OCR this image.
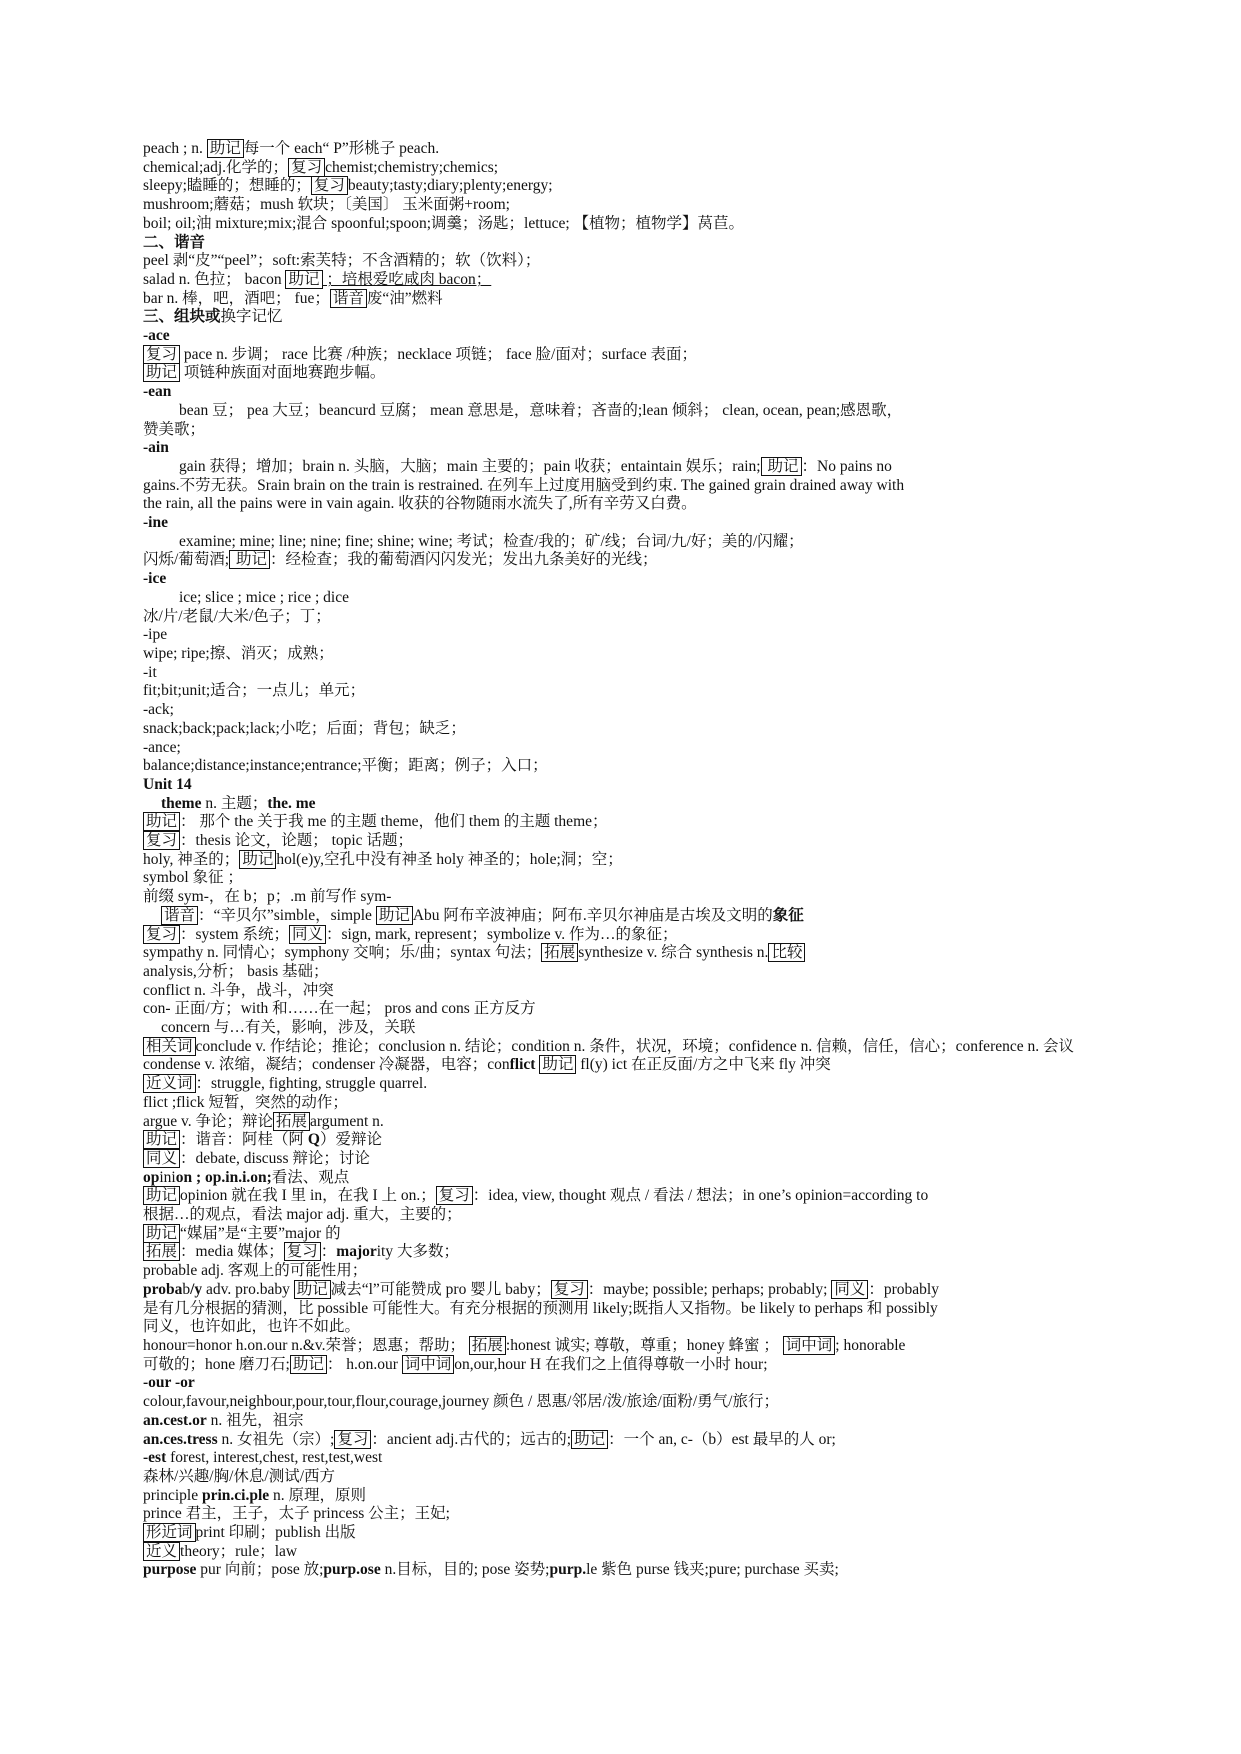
peach ; n. 助记 每一个 each“ P”形桃子 peach.
chemical;adj.化学的； 复习 chemist;chemistry;chemics;
sleepy;瞌睡的；想睡的； 复习 beauty;tasty;diary;plenty;energy;
mushroom;蘑菇；mush 软块；〔美国〕 玉米面粥+room;
boil; oil;油 mixture;mix;混合 spoonful;spoon;调羹；汤匙；lettuce; 【植物；植物学】莴苣。
二、谐音
peel 剥“皮”“peel”；soft:索芙特；不含酒精的；软（饮料）；
salad n. 色拉； bacon 助记 ；培根爱吃咸肉 bacon；
bar n. 棒，吧，酒吧； fue； 谐音 废“油”燃料
三、组块或换字记忆
-ace
复习 pace n. 步调； race 比赛 /种族；necklace 项链； face 脸/面对；surface 表面；
助记 项链种族面对面地赛跑步幅。
-ean
bean 豆； pea 大豆；beancurd 豆腐； mean 意思是，意味着；吝啬的;lean 倾斜； clean, ocean, pean;感恩歌，
赞美歌；
-ain
gain 获得；增加；brain n. 头脑，大脑；main 主要的；pain 收获；entaintain 娱乐；rain; 助记 ：No pains no
gains.不劳无获。Srain brain on the train is restrained. 在列车上过度用脑受到约束. The gained grain drained away with
the rain, all the pains were in vain again. 收获的谷物随雨水流失了,所有辛劳又白费。
-ine
examine; mine; line; nine; fine; shine; wine; 考试；检查/我的；矿/线；台词/九/好；美的/闪耀；
闪烁/葡萄酒; 助记 ：经检查；我的葡萄酒闪闪发光；发出九条美好的光线；
-ice
ice; slice ; mice ; rice ; dice
冰/片/老鼠/大米/色子；丁；
-ipe
wipe; ripe;擦、消灭；成熟；
-it
fit;bit;unit;适合；一点儿；单元；
-ack;
snack;back;pack;lack;小吃；后面；背包；缺乏；
-ance;
balance;distance;instance;entrance;平衡；距离；例子；入口；
Unit 14
theme n. 主题；the. me
助记 ： 那个 the 关于我 me 的主题 theme，他们 them 的主题 theme；
复习 ：thesis 论文，论题； topic 话题；
holy, 神圣的； 助记 hol(e)y,空孔中没有神圣 holy 神圣的；hole;洞；空；
symbol 象征 ；
前缀 sym-，在 b；p；.m 前写作 sym-
谐音 ：“辛贝尔”simble，simple 助记 Abu 阿布辛波神庙；阿布.辛贝尔神庙是古埃及文明的象征
复习 ：system 系统； 同义 ：sign, mark, represent；symbolize v. 作为…的象征；
sympathy n. 同情心；symphony 交响；乐/曲；syntax 句法； 拓展 synthesize v. 综合 synthesis n. 比较
analysis,分析； basis 基础；
conflict n. 斗争，战斗，冲突
con- 正面/方；with 和……在一起； pros and cons 正方反方
concern 与…有关，影响，涉及，关联
相关词 conclude v. 作结论；推论；conclusion n. 结论；condition n. 条件，状况，环境；confidence n. 信赖，信任，信心；conference n. 会议
condense v. 浓缩，凝结；condenser 冷凝器，电容；conflict 助记 fl(y) ict 在正反面/方之中飞来 fly 冲突
近义词 ：struggle, fighting, struggle quarrel.
flict ;flick 短暂，突然的动作；
argue v. 争论；辩论 拓展 argument n.
助记 ：谐音：阿桂（阿 Q）爱辩论
同义 ：debate, discuss 辩论；讨论
opinion ; op.in.i.on;看法、观点
助记 opinion 就在我 I 里 in，在我 I 上 on.； 复习 ：idea, view, thought 观点 / 看法 / 想法；in one’s opinion=according to
根据…的观点，看法 major adj. 重大，主要的；
助记 “媒届”是“主要”major 的
拓展 ：media 媒体； 复习 ：majority 大多数；
probable adj. 客观上的可能性用；
probab/y adv. pro.baby 助记 减去“l”可能赞成 pro 婴儿 baby； 复习 ：maybe; possible; perhaps; probably; 同义 ：probably
是有几分根据的猜测，比 possible 可能性大。有充分根据的预测用 likely;既指人又指物。be likely to perhaps 和 possibly
同义，也许如此，也许不如此。
honour=honor h.on.our n.&v.荣誉；恩惠；帮助； 拓展 :honest 诚实; 尊敬，尊重；honey 蜂蜜 ； 词中词 ; honorable
可敬的；hone 磨刀石; 助记 ： h.on.our 词中词 on,our,hour H 在我们之上值得尊敬一小时 hour;
-our -or
colour,favour,neighbour,pour,tour,flour,courage,journey 颜色 / 恩惠/邻居/泼/旅途/面粉/勇气/旅行；
an.cest.or n. 祖先，祖宗
an.ces.tress n. 女祖先（宗）; 复习 ：ancient adj.古代的；远古的; 助记 ：一个 an, c-（b）est 最早的人 or;
-est forest, interest,chest, rest,test,west
森林/兴趣/胸/休息/测试/西方
principle prin.ci.ple n. 原理，原则
prince 君主，王子，太子 princess 公主；王妃;
形近词 print 印刷；publish 出版
近义 theory；rule；law
purpose pur 向前；pose 放;purp.ose n.目标，目的; pose 姿势;purp.le 紫色 purse 钱夹;pure; purchase 买卖;
